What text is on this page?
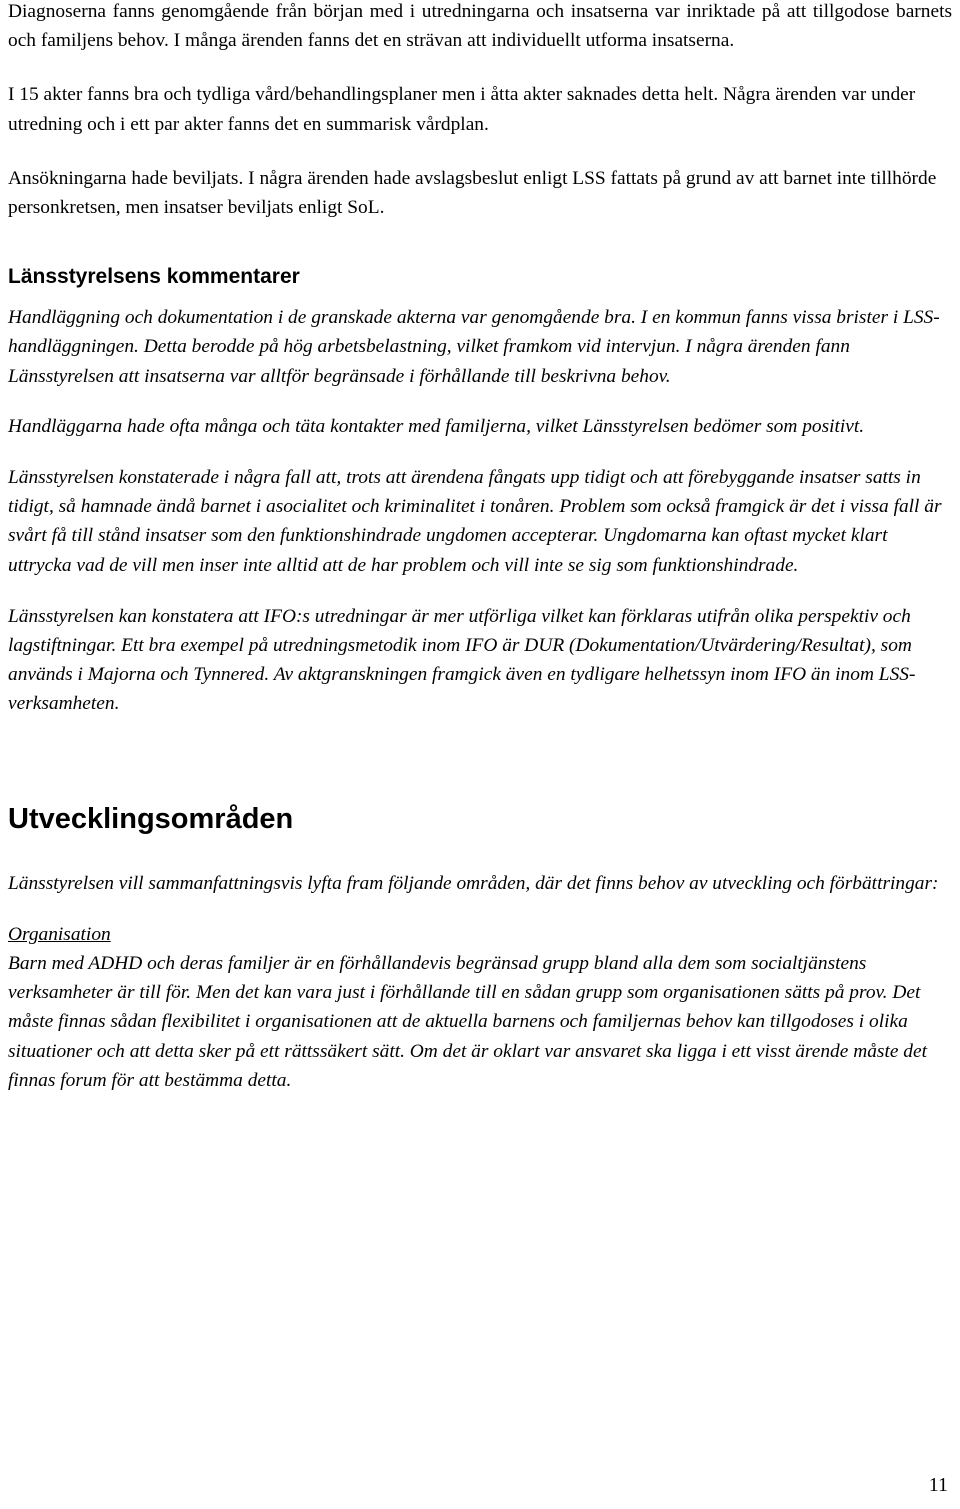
Diagnoserna fanns genomgående från början med i utredningarna och insatserna var inriktade på att tillgodose barnets och familjens behov. I många ärenden fanns det en strävan att individuellt utforma insatserna.

I 15 akter fanns bra och tydliga vård/behandlingsplaner men i åtta akter saknades detta helt. Några ärenden var under utredning och i ett par akter fanns det en summarisk vårdplan.

Ansökningarna hade beviljats. I några ärenden hade avslagsbeslut enligt LSS fattats på grund av att barnet inte tillhörde personkretsen, men insatser beviljats enligt SoL.

Länsstyrelsens kommentarer

Handläggning och dokumentation i de granskade akterna var genomgående bra. I en kommun fanns vissa brister i LSS-handläggningen. Detta berodde på hög arbetsbelastning, vilket framkom vid intervjun. I några ärenden fann Länsstyrelsen att insatserna var alltför begränsade i förhållande till beskrivna behov.

Handläggarna hade ofta många och täta kontakter med familjerna, vilket Länsstyrelsen bedömer som positivt.

Länsstyrelsen konstaterade i några fall att, trots att ärendena fångats upp tidigt och att förebyggande insatser satts in tidigt, så hamnade ändå barnet i asocialitet och kriminalitet i tonåren. Problem som också framgick är det i vissa fall är svårt få till stånd insatser som den funktionshindrade ungdomen accepterar. Ungdomarna kan oftast mycket klart uttrycka vad de vill men inser inte alltid att de har problem och vill inte se sig som funktionshindrade.

Länsstyrelsen kan konstatera att IFO:s utredningar är mer utförliga vilket kan förklaras utifrån olika perspektiv och lagstiftningar. Ett bra exempel på utredningsmetodik inom IFO är DUR (Dokumentation/Utvärdering/Resultat), som används i Majorna och Tynnered. Av aktgranskningen framgick även en tydligare helhetssyn inom IFO än inom LSS-verksamheten.

Utvecklingsområden

Länsstyrelsen vill sammanfattningsvis lyfta fram följande områden, där det finns behov av utveckling och förbättringar:

Organisation

Barn med ADHD och deras familjer är en förhållandevis begränsad grupp bland alla dem som socialtjänstens verksamheter är till för. Men det kan vara just i förhållande till en sådan grupp som organisationen sätts på prov. Det måste finnas sådan flexibilitet i organisationen att de aktuella barnens och familjernas behov kan tillgodoses i olika situationer och att detta sker på ett rättssäkert sätt. Om det är oklart var ansvaret ska ligga i ett visst ärende måste det finnas forum för att bestämma detta.

11
